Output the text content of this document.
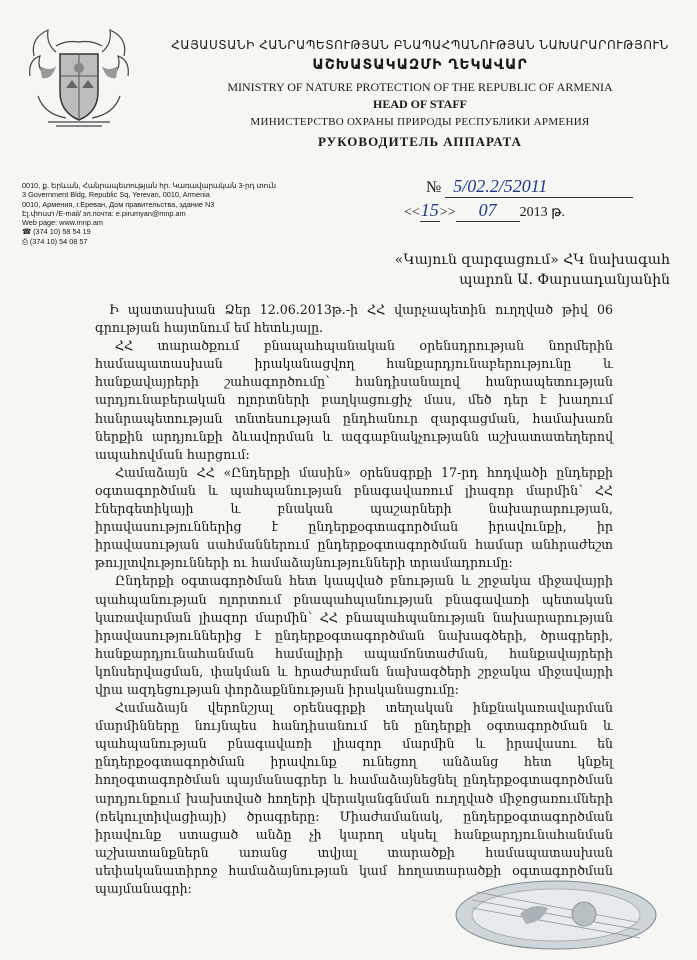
ՀԱՅԱՍՏԱՆԻ ՀԱՆՐԱՊԵՏՈՒԹՅԱՆ ԲՆԱՊԱՀՊԱՆՈՒԹՅԱՆ ՆԱԽԱՐԱՐՈՒԹՅՈՒՆ
ԱՇԽԱՏԱԿԱԶՄԻ ՂԵԿԱՎԱՐ
MINISTRY OF NATURE PROTECTION OF THE REPUBLIC OF ARMENIA
HEAD OF STAFF
МИНИСТЕРСТВО ОХРАНЫ ПРИРОДЫ РЕСПУБЛИКИ АРМЕНИЯ
РУКОВОДИТЕЛЬ АППАРАТА
0010, ք. Երևան, Հանրապետության հր. Կառավարական 3-րդ տուն
3 Government Bldg, Republic Sq, Yerevan, 0010, Armenia
0010, Армения, г.Ереван, Дом правительства, здание N3
Էլ.փոստ /E-mail/ эл.почта: e.pirumyan@mnp.am
Web page: www.mnp.am
☎ (374 10) 58 54 19
⎙ (374 10) 54 08 57
№ 5/02.2/52011
<<15>> 07 2013 թ.
«Կայուն զարգացում» ՀԿ նախագահ
պարոն Ա. Փարսադանյանին

Ի պատասխան Ձեր 12.06.2013թ.-ի ՀՀ վարչապետին ուղղված թիվ 06 գրության հայտնում եմ հետևյալը.

ՀՀ տարածքում բնապահպանական օրենսդրության նորմերին համապատասխան իրականացվող հանքարդյունաբերությունը և հանքավայրերի շահագործումը՝ հանդիսանալով հանրապետության արդյունաբերական ոլորտների բաղկացուցիչ մաս, մեծ դեր է խաղում հանրապետության տնտեսության ընդհանուր զարգացման, համախառն ներքին արդյունքի ձևավորման և ազգաբնակչությանն աշխատատեղերով ապահովման հարցում:

Համաձայն ՀՀ «Ընդերքի մասին» օրենսգրքի 17-րդ հոդվածի ընդերքի օգտագործման և պահպանության բնագավառում լիազոր մարմին՝ ՀՀ էներգետիկայի և բնական պաշարների նախարարության, իրավասություններից է ընդերքօգտագործման իրավունքի, իր իրավասության սահմաններում ընդերքօգտագործման համար անհրաժեշտ թույլտվությունների ու համաձայնությունների տրամադրումը:

Ընդերքի օգտագործման հետ կապված բնության և շրջակա միջավայրի պահպանության ոլորտում բնապահպանության բնագավառի պետական կառավարման լիազոր մարմին՝ ՀՀ բնապահպանության նախարարության իրավասություններից է ընդերքօգտագործման նախագծերի, ծրագրերի, հանքարդյունահանման համալիրի ապամոնտաժման, հանքավայրերի կոնսերվացման, փակման և հրաժարման նախագծերի շրջակա միջավայրի վրա ազդեցության փորձաքննության իրականացումը:

Համաձայն վերոնշյալ օրենսգրքի տեղական ինքնակառավարման մարմինները նույնպես հանդիսանում են ընդերքի օգտագործման և պահպանության բնագավառի լիազոր մարմին և իրավասու են ընդերքօգտագործման իրավունք ունեցող անձանց հետ կնքել հողօգտագործման պայմանագրեր և համաձայնեցնել ընդերքօգտագործման արդյունքում խախտված հողերի վերականգնման ուղղված միջոցառումների (ռեկուլտիվացիայի) ծրագրերը: Միաժամանակ, ընդերքօգտագործման իրավունք ստացած անձը չի կարող սկսել հանքարդյունահանման աշխատանքներն առանց տվյալ տարածքի համապատասխան սեփականատիրոջ համաձայնության կամ հողատարածքի օգտագործման պայմանագրի:
